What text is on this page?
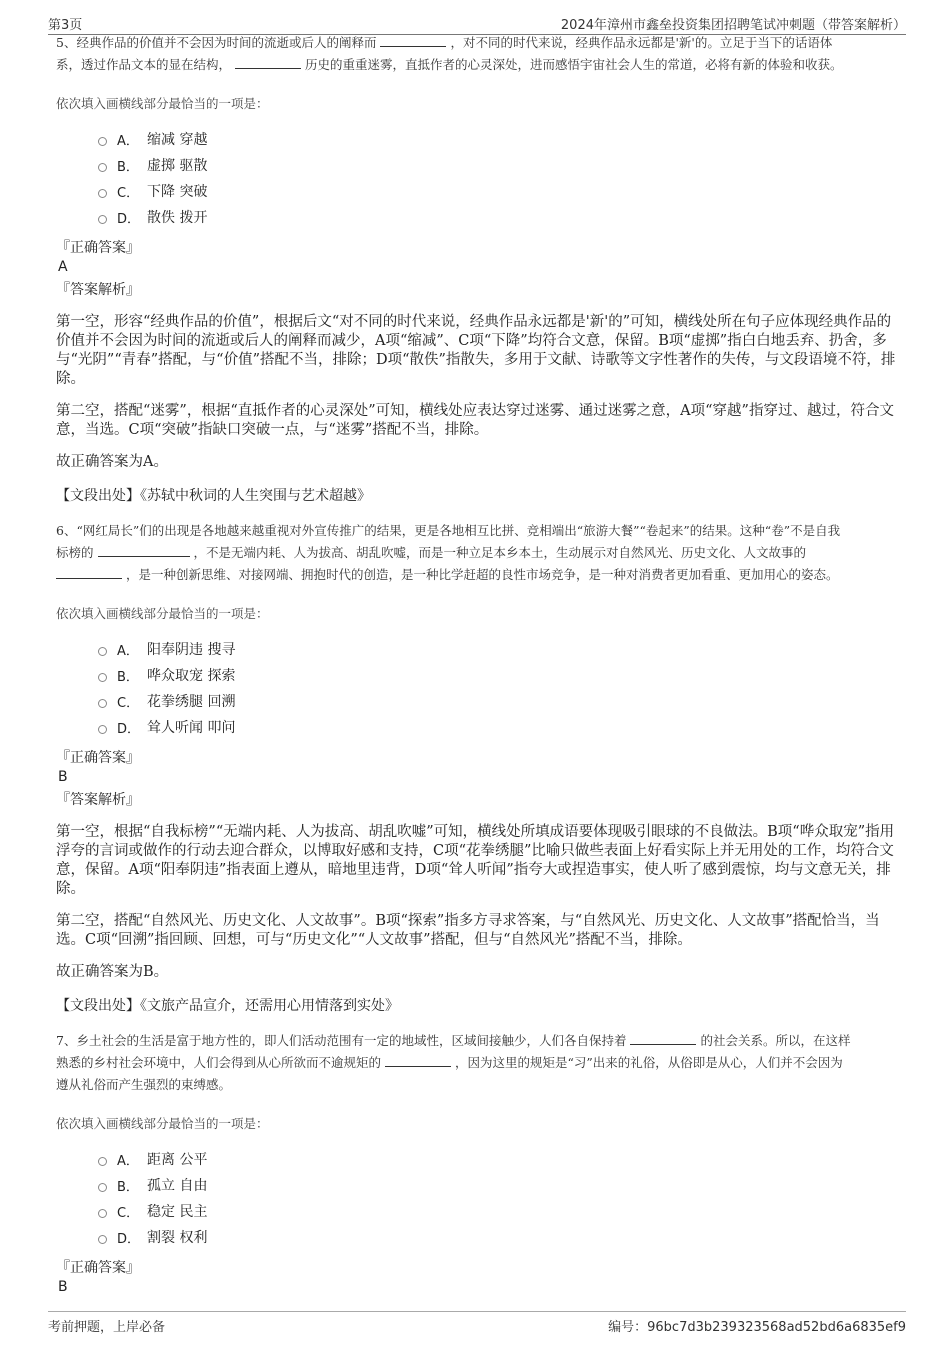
第3页	2024年漳州市鑫垒投资集团招聘笔试冲刺题（带答案解析）

5、经典作品的价值并不会因为时间的流逝或后人的阐释而	，对不同的时代来说，经典作品永远都是'新'的。立足于当下的话语体
系，透过作品文本的显在结构，	历史的重重迷雾，直抵作者的心灵深处，进而感悟宇宙社会人生的常道，必将有新的体验和收获。

依次填入画横线部分最恰当的一项是：
A． 缩减 穿越
B． 虚掷 驱散
C． 下降 突破
D． 散佚 拨开
『正确答案』
A
『答案解析』

第一空，形容“经典作品的价值”，根据后文“对不同的时代来说，经典作品永远都是'新'的”可知，横线处所在句子应体现经典作品的价值并不会因为时间的流逝或后人的阐释而减少，A项“缩减”、C项“下降”均符合文意，保留。B项“虚掷”指白白地丢弃、扔舍，多与“光阴”“青春”搭配，与“价值”搭配不当，排除；D项“散佚”指散失，多用于文献、诗歌等文字性著作的失传，与文段语境不符，排除。

第二空，搭配“迷雾”，根据“直抵作者的心灵深处”可知，横线处应表达穿过迷雾、通过迷雾之意，A项“穿越”指穿过、越过，符合文意，当选。C项“突破”指缺口突破一点，与“迷雾”搭配不当，排除。

故正确答案为A。

【文段出处】《苏轼中秋词的人生突围与艺术超越》

6、“网红局长”们的出现是各地越来越重视对外宣传推广的结果，更是各地相互比拼、竞相端出“旅游大餐”“卷起来”的结果。这种“卷”不是自我
标榜的	，不是无端内耗、人为拔高、胡乱吹嘘，而是一种立足本乡本土，生动展示对自然风光、历史文化、人文故事的
，是一种创新思维、对接网端、拥抱时代的创造，是一种比学赶超的良性市场竞争，是一种对消费者更加看重、更加用心的姿态。

依次填入画横线部分最恰当的一项是：
A． 阳奉阴违 搜寻
B． 哗众取宠 探索
C． 花拳绣腿 回溯
D． 耸人听闻 叩问
『正确答案』
B
『答案解析』

第一空，根据“自我标榜”“无端内耗、人为拔高、胡乱吹嘘”可知，横线处所填成语要体现吸引眼球的不良做法。B项“哗众取宠”指用浮夸的言词或做作的行动去迎合群众，以博取好感和支持，C项“花拳绣腿”比喻只做些表面上好看实际上并无用处的工作，均符合文意，保留。A项“阳奉阴违”指表面上遵从，暗地里违背，D项“耸人听闻”指夸大或捏造事实，使人听了感到震惊，均与文意无关，排除。

第二空，搭配“自然风光、历史文化、人文故事”。B项“探索”指多方寻求答案，与“自然风光、历史文化、人文故事”搭配恰当，当选。C项“回溯”指回顾、回想，可与“历史文化”“人文故事”搭配，但与“自然风光”搭配不当，排除。

故正确答案为B。

【文段出处】《文旅产品宣介，还需用心用情落到实处》

7、乡土社会的生活是富于地方性的，即人们活动范围有一定的地域性，区域间接触少，人们各自保持着	的社会关系。所以，在这样
熟悉的乡村社会环境中，人们会得到从心所欲而不逾规矩的	，因为这里的规矩是“习”出来的礼俗，从俗即是从心，人们并不会因为
遵从礼俗而产生强烈的束缚感。

依次填入画横线部分最恰当的一项是：
A． 距离 公平
B． 孤立 自由
C． 稳定 民主
D． 割裂 权利
『正确答案』
B
考前押题，上岸必备	编号：96bc7d3b239323568ad52bd6a6835ef9
